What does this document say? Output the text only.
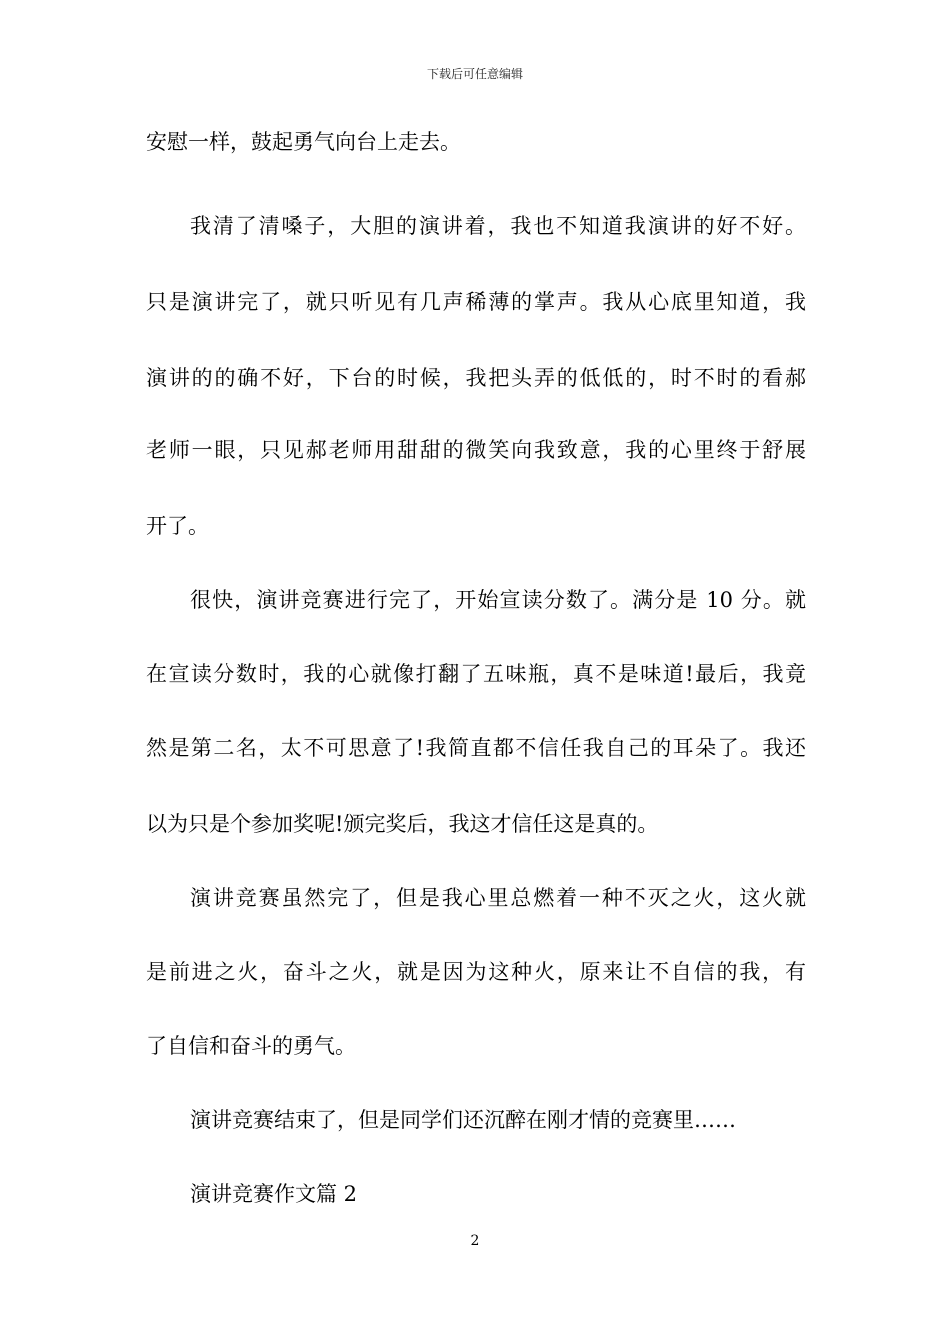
下载后可任意编辑
安慰一样，鼓起勇气向台上走去。
我清了清嗓子，大胆的演讲着，我也不知道我演讲的好不好。
只是演讲完了，就只听见有几声稀薄的掌声。我从心底里知道，我
演讲的的确不好，下台的时候，我把头弄的低低的，时不时的看郝
老师一眼，只见郝老师用甜甜的微笑向我致意，我的心里终于舒展
开了。
很快，演讲竞赛进行完了，开始宣读分数了。满分是 10 分。就
在宣读分数时，我的心就像打翻了五味瓶，真不是味道!最后，我竟
然是第二名，太不可思意了!我简直都不信任我自己的耳朵了。我还
以为只是个参加奖呢!颁完奖后，我这才信任这是真的。
演讲竞赛虽然完了，但是我心里总燃着一种不灭之火，这火就
是前进之火，奋斗之火，就是因为这种火，原来让不自信的我，有
了自信和奋斗的勇气。
演讲竞赛结束了，但是同学们还沉醉在刚才情的竞赛里……
演讲竞赛作文篇 2
2
